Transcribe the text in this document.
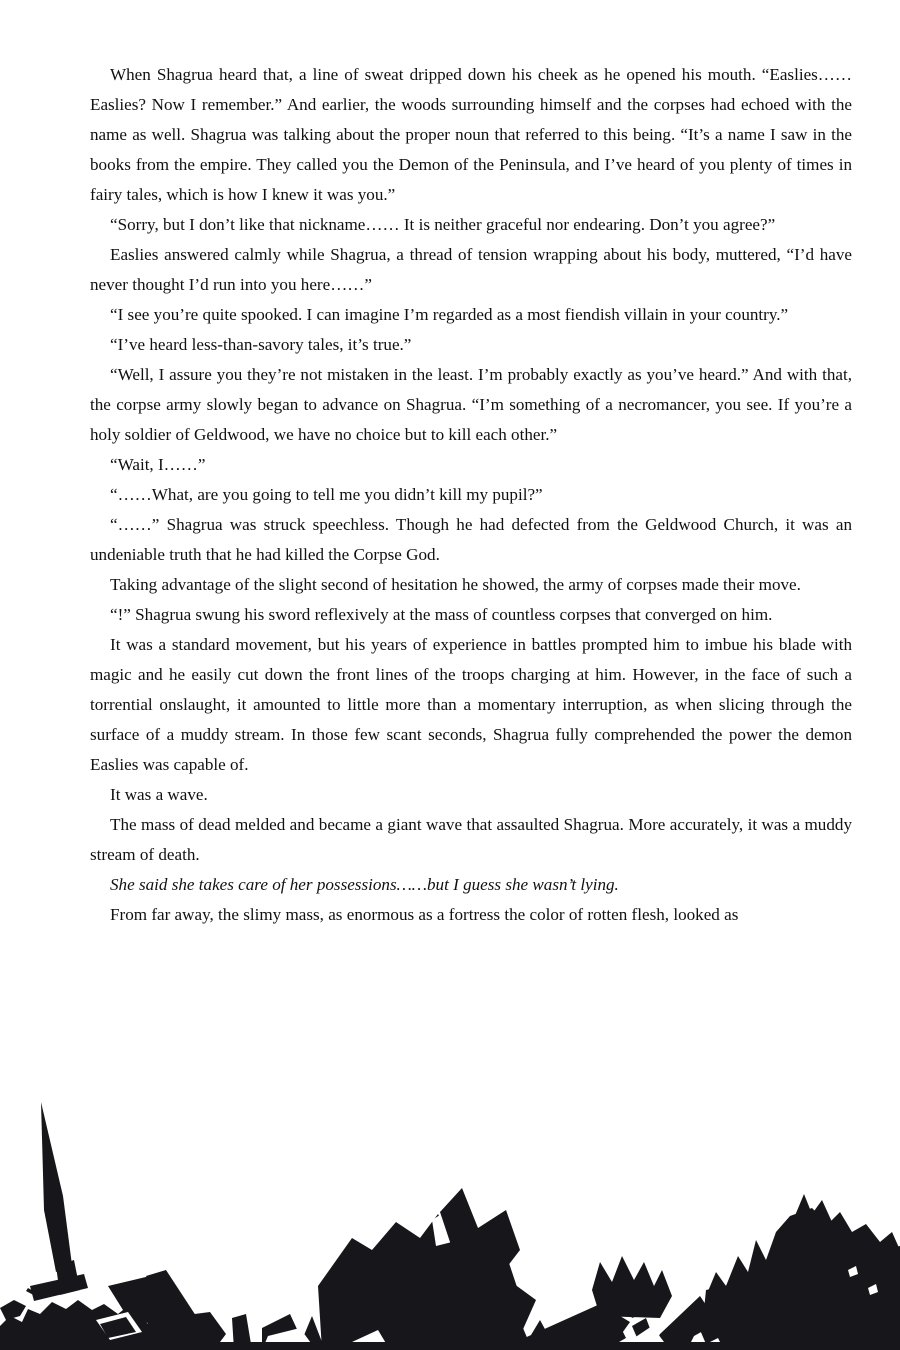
When Shagrua heard that, a line of sweat dripped down his cheek as he opened his mouth. “Easlies…… Easlies? Now I remember.” And earlier, the woods surrounding himself and the corpses had echoed with the name as well. Shagrua was talking about the proper noun that referred to this being. “It’s a name I saw in the books from the empire. They called you the Demon of the Peninsula, and I’ve heard of you plenty of times in fairy tales, which is how I knew it was you.”

“Sorry, but I don’t like that nickname…… It is neither graceful nor endearing. Don’t you agree?”

Easlies answered calmly while Shagrua, a thread of tension wrapping about his body, muttered, “I’d have never thought I’d run into you here……”

“I see you’re quite spooked. I can imagine I’m regarded as a most fiendish villain in your country.”

“I’ve heard less-than-savory tales, it’s true.”

“Well, I assure you they’re not mistaken in the least. I’m probably exactly as you’ve heard.” And with that, the corpse army slowly began to advance on Shagrua. “I’m something of a necromancer, you see. If you’re a holy soldier of Geldwood, we have no choice but to kill each other.”

“Wait, I……”

“……What, are you going to tell me you didn’t kill my pupil?”

“……” Shagrua was struck speechless. Though he had defected from the Geldwood Church, it was an undeniable truth that he had killed the Corpse God.

Taking advantage of the slight second of hesitation he showed, the army of corpses made their move.

“!” Shagrua swung his sword reflexively at the mass of countless corpses that converged on him.

It was a standard movement, but his years of experience in battles prompted him to imbue his blade with magic and he easily cut down the front lines of the troops charging at him. However, in the face of such a torrential onslaught, it amounted to little more than a momentary interruption, as when slicing through the surface of a muddy stream. In those few scant seconds, Shagrua fully comprehended the power the demon Easlies was capable of.

It was a wave.

The mass of dead melded and became a giant wave that assaulted Shagrua. More accurately, it was a muddy stream of death.

She said she takes care of her possessions……but I guess she wasn’t lying.

From far away, the slimy mass, as enormous as a fortress the color of rotten flesh, looked as
